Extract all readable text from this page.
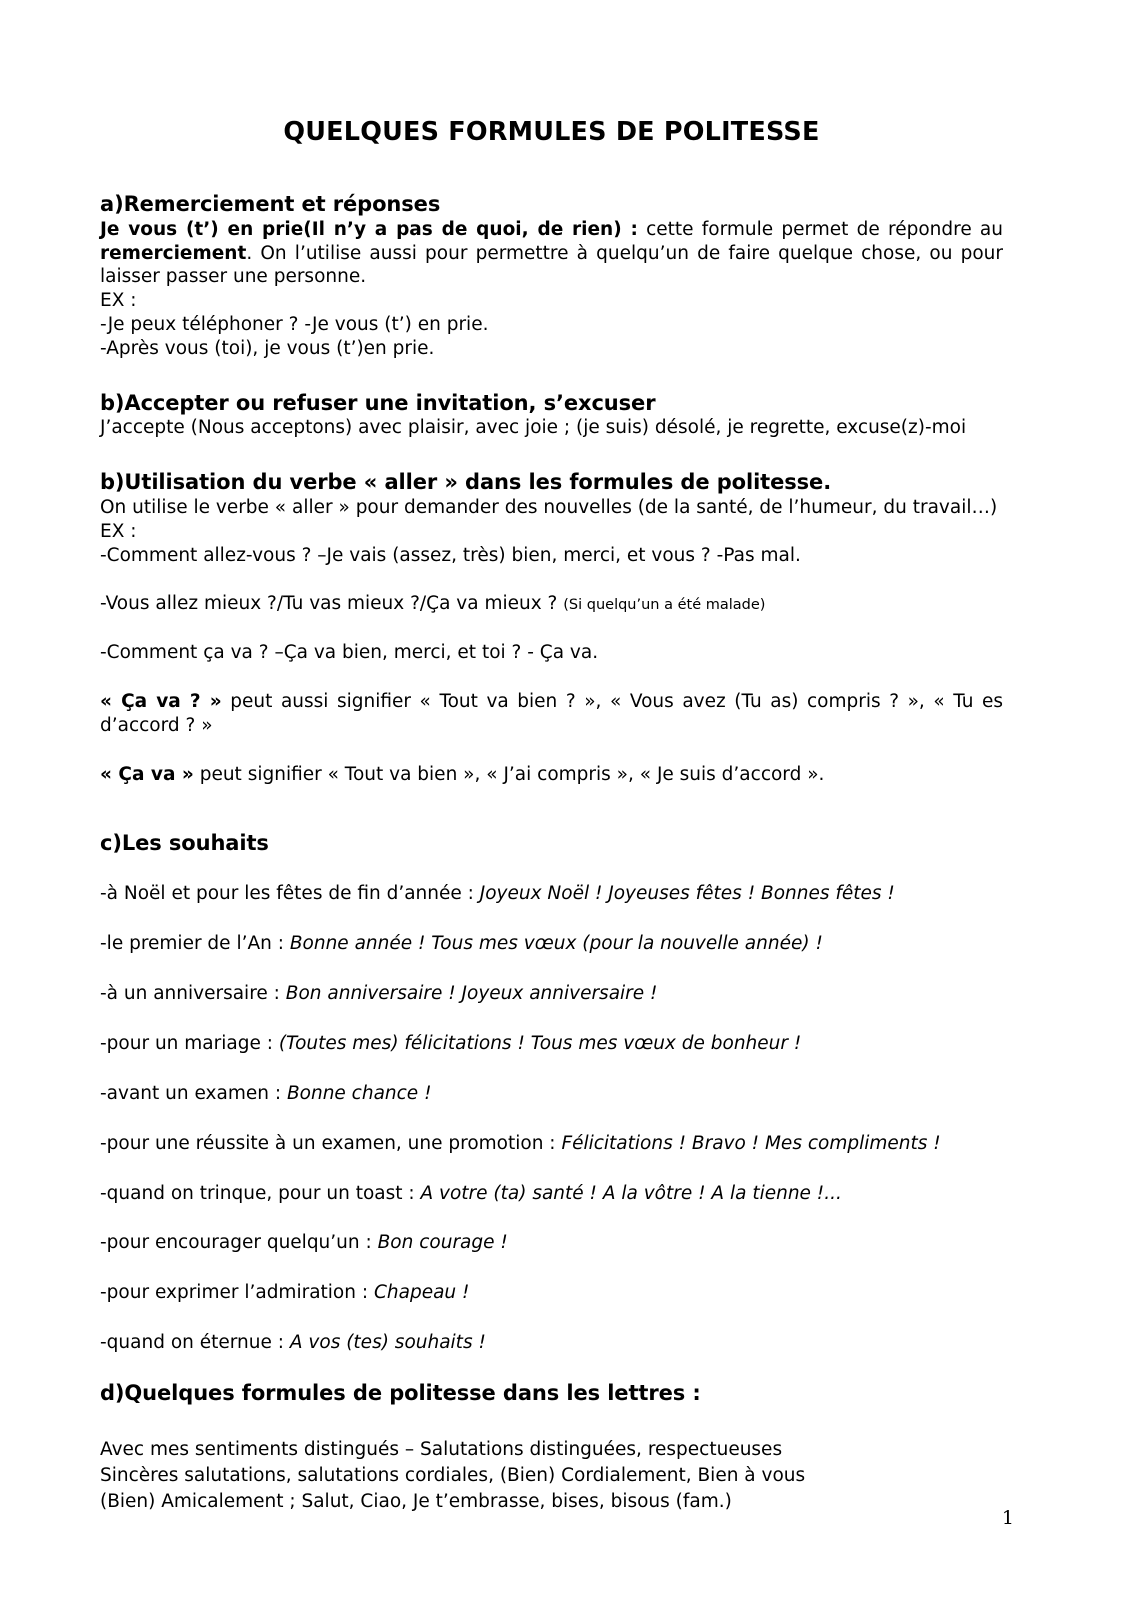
QUELQUES FORMULES DE POLITESSE
a)Remerciement et réponses

Je vous (t’) en prie(Il n’y a pas de quoi, de rien) : cette formule permet de répondre au remerciement. On l’utilise aussi pour permettre à quelqu’un de faire quelque chose, ou pour laisser passer une personne.

EX :

-Je peux téléphoner ? -Je vous (t’) en prie.

-Après vous (toi), je vous (t’)en prie.

b)Accepter ou refuser une invitation, s’excuser

J’accepte (Nous acceptons) avec plaisir, avec joie ; (je suis) désolé, je regrette, excuse(z)-moi

b)Utilisation du verbe « aller » dans les formules de politesse.

On utilise le verbe « aller » pour demander des nouvelles (de la santé, de l’humeur, du travail…)

EX :

-Comment allez-vous ? –Je vais (assez, très) bien, merci, et vous ? -Pas mal.

-Vous allez mieux ?/Tu vas mieux ?/Ça va mieux ? (Si quelqu’un a été malade)

-Comment ça va ? –Ça va bien, merci, et toi ? - Ça va.

« Ça va ? » peut aussi signifier « Tout va bien ? », « Vous avez (Tu as) compris ? », « Tu es d’accord ? »

« Ça va » peut signifier « Tout va bien », « J’ai compris », « Je suis d’accord ».

c)Les souhaits

-à Noël et pour les fêtes de fin d’année : Joyeux Noël ! Joyeuses fêtes ! Bonnes fêtes !

-le premier de l’An : Bonne année ! Tous mes vœux (pour la nouvelle année) !

-à un anniversaire : Bon anniversaire ! Joyeux anniversaire !

-pour un mariage : (Toutes mes) félicitations ! Tous mes vœux de bonheur !

-avant un examen : Bonne chance !

-pour une réussite à un examen, une promotion : Félicitations ! Bravo ! Mes compliments !

-quand on trinque, pour un toast : A votre (ta) santé ! A la vôtre ! A la tienne !...

-pour encourager quelqu’un : Bon courage !

-pour exprimer l’admiration : Chapeau !

-quand on éternue : A vos (tes) souhaits !

d)Quelques formules de politesse dans les lettres :

Avec mes sentiments distingués – Salutations distinguées, respectueuses

Sincères salutations, salutations cordiales, (Bien) Cordialement, Bien à vous

(Bien) Amicalement ; Salut, Ciao, Je t’embrasse, bises, bisous (fam.)

1
